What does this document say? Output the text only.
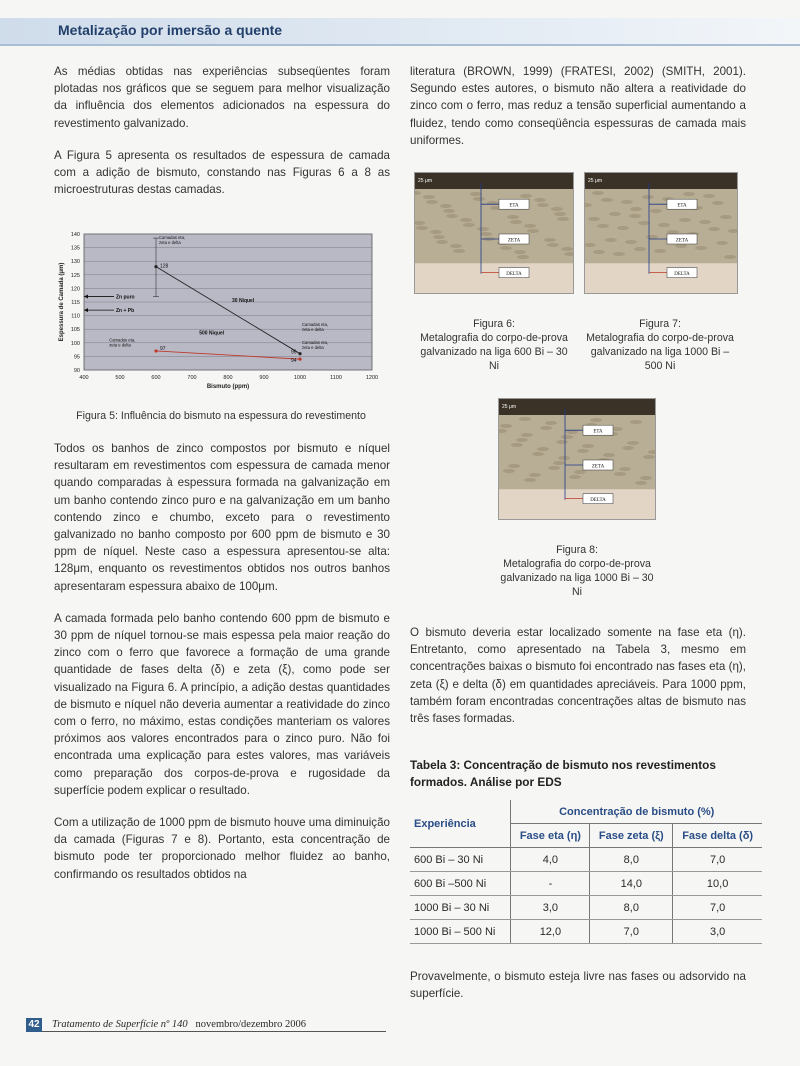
Metalização por imersão a quente

As médias obtidas nas experiências subseqüentes foram plotadas nos gráficos que se seguem para melhor visualização da influência dos elementos adicionados na espessura do revestimento galvanizado.

A Figura 5 apresenta os resultados de espessura de camada com a adição de bismuto, constando nas Figuras 6 a 8 as microestruturas destas camadas.

90
95
100
105
110
115
120
125
130
135
140
400	500	600	700	800	900	1000	1100	1200
Bismuto (ppm)
Espessura de Camada (μm)	Zn puro
Zn + Pb
30 Niquel
500 Niquel
128
96
97
94
Camadas eta, zeta e delta
Camadas eta, zeta e delta
Camadas eta, zeta e delta
Camadas eta, zeta e delta
Figura 5: Influência do bismuto na espessura do revestimento

Todos os banhos de zinco compostos por bismuto e níquel resultaram em revestimentos com espessura de camada menor quando comparadas à espessura formada na galvanização em um banho contendo zinco puro e na galvanização em um banho contendo zinco e chumbo, exceto para o revestimento galvanizado no banho composto por 600 ppm de bismuto e 30 ppm de níquel. Neste caso a espessura apresentou-se alta: 128μm, enquanto os revestimentos obtidos nos outros banhos apresentaram espessura abaixo de 100μm.

A camada formada pelo banho contendo 600 ppm de bismuto e 30 ppm de níquel tornou-se mais espessa pela maior reação do zinco com o ferro que favorece a formação de uma grande quantidade de fases delta (δ) e zeta (ξ), como pode ser visualizado na Figura 6. A princípio, a adição destas quantidades de bismuto e níquel não deveria aumentar a reatividade do zinco com o ferro, no máximo, estas condições manteriam os valores próximos aos valores encontrados para o zinco puro. Não foi encontrada uma explicação para estes valores, mas variáveis como preparação dos corpos-de-prova e rugosidade da superfície podem explicar o resultado.

Com a utilização de 1000 ppm de bismuto houve uma diminuição da camada (Figuras 7 e 8). Portanto, esta concentração de bismuto pode ter proporcionado melhor fluidez ao banho, confirmando os resultados obtidos na

literatura (BROWN, 1999) (FRATESI, 2002) (SMITH, 2001). Segundo estes autores, o bismuto não altera a reatividade do zinco com o ferro, mas reduz a tensão superficial aumentando a fluidez, tendo como conseqüência espessuras de camada mais uniformes.

25 μm
ETA
ZETA
DELTA
25 μm
ETA
ZETA
DELTA
25 μm
ETA
ZETA
DELTA
Figura 6:
Metalografia do corpo-de-prova galvanizado na liga 600 Bi – 30 Ni
Figura 7:
Metalografia do corpo-de-prova galvanizado na liga 1000 Bi – 500 Ni
Figura 8:
Metalografia do corpo-de-prova galvanizado na liga 1000 Bi – 30 Ni

O bismuto deveria estar localizado somente na fase eta (η). Entretanto, como apresentado na Tabela 3, mesmo em concentrações baixas o bismuto foi encontrado nas fases eta (η), zeta (ξ) e delta (δ) em quantidades apreciáveis. Para 1000 ppm, também foram encontradas concentrações altas de bismuto nas três fases formadas.

Tabela 3: Concentração de bismuto nos revestimentos formados. Análise por EDS
Experiência	Concentração de bismuto (%)		
	Fase eta (η)	Fase zeta (ξ)	Fase delta (δ)
600 Bi – 30 Ni	4,0	8,0	7,0
600 Bi –500 Ni	-	14,0	10,0
1000 Bi – 30 Ni	3,0	8,0	7,0
1000 Bi – 500 Ni	12,0	7,0	3,0

Provavelmente, o bismuto esteja livre nas fases ou adsorvido na superfície.

42 Tratamento de Superfície nº 140 novembro/dezembro 2006
